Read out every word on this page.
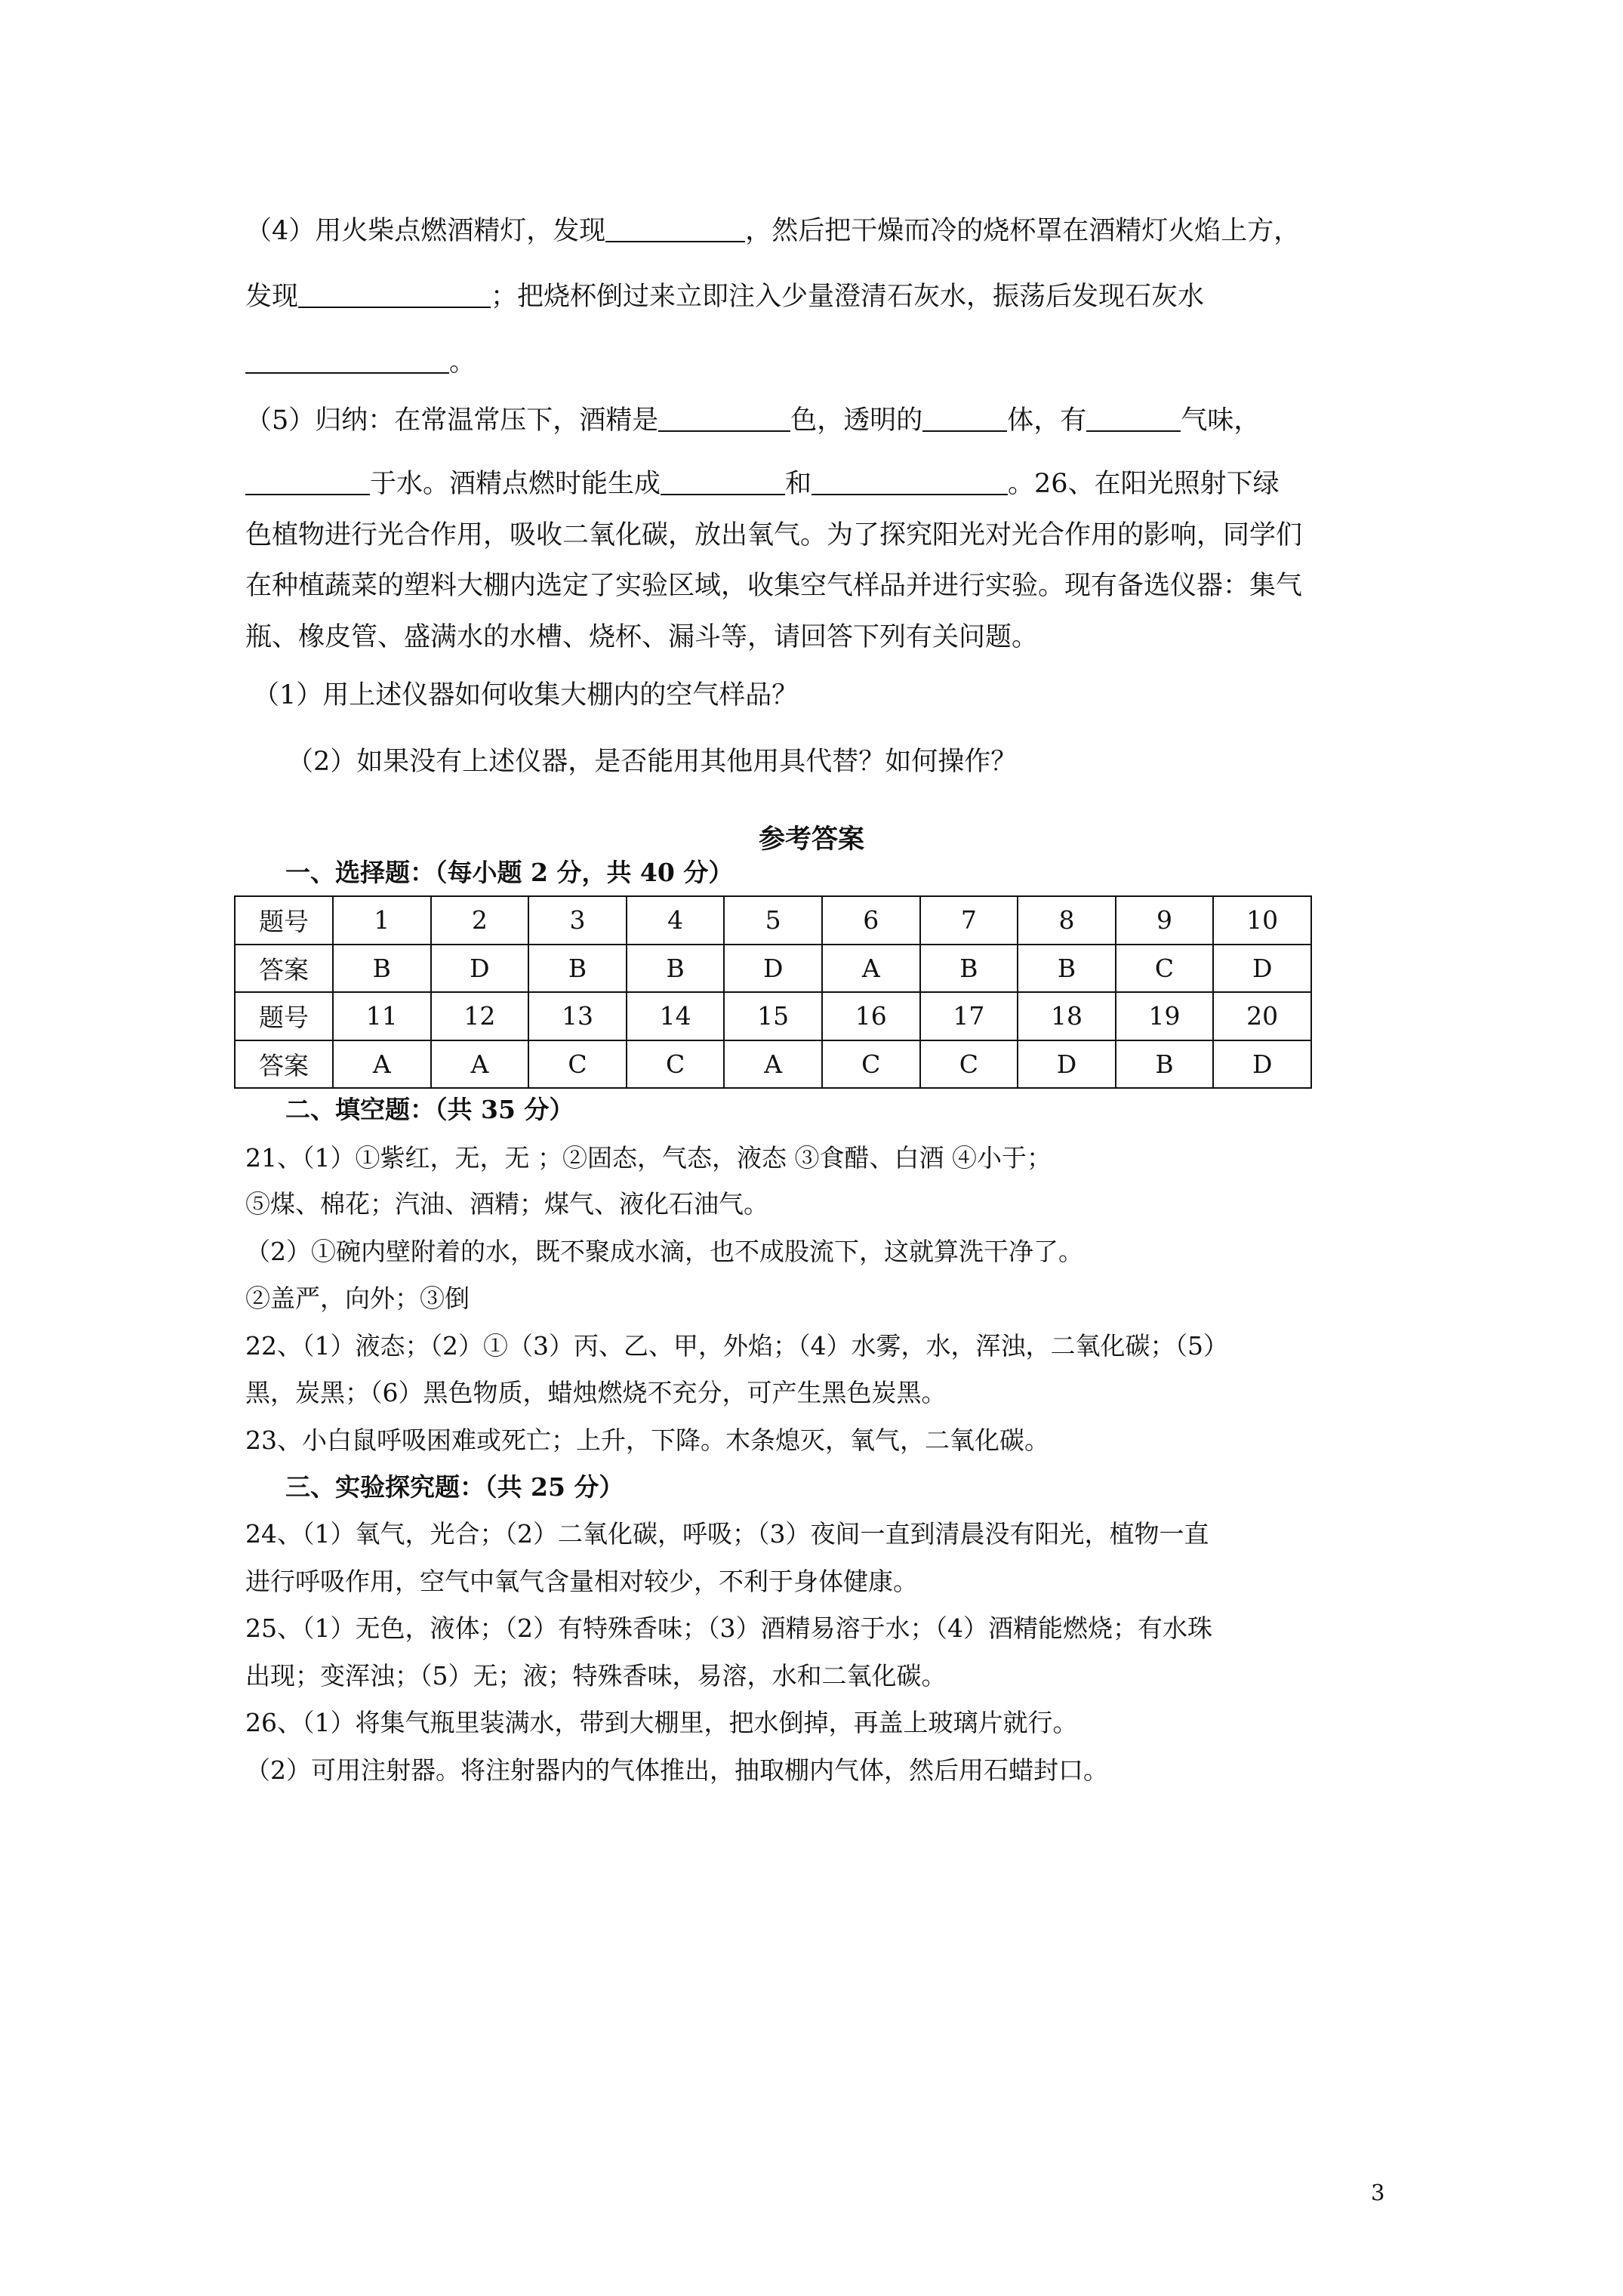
（4）用火柴点燃酒精灯，发现	，然后把干燥而冷的烧杯罩在酒精灯火焰上方，
发现	；把烧杯倒过来立即注入少量澄清石灰水，振荡后发现石灰水
。
（5）归纳：在常温常压下，酒精是	色，透明的	体，有	气味，
于水。酒精点燃时能生成	和	。26、在阳光照射下绿
色植物进行光合作用，吸收二氧化碳，放出氧气。为了探究阳光对光合作用的影响，同学们
在种植蔬菜的塑料大棚内选定了实验区域，收集空气样品并进行实验。现有备选仪器：集气
瓶、橡皮管、盛满水的水槽、烧杯、漏斗等，请回答下列有关问题。
（1）用上述仪器如何收集大棚内的空气样品？
（2）如果没有上述仪器，是否能用其他用具代替？如何操作？
参考答案
一、选择题：（每小题 2 分，共 40 分）
题号	1	2	3	4	5	6	7	8	9	10
答案	B	D	B	B	D	A	B	B	C	D
题号	11	12	13	14	15	16	17	18	19	20
答案	A	A	C	C	A	C	C	D	B	D
二、填空题：（共 35 分）
21、（1）①紫红，无，无 ；②固态，气态，液态 ③食醋、白酒 ④小于；
⑤煤、棉花；汽油、酒精；煤气、液化石油气。
（2）①碗内壁附着的水，既不聚成水滴，也不成股流下，这就算洗干净了。
②盖严，向外；③倒
22、（1）液态；（2）①（3）丙、乙、甲，外焰；（4）水雾，水，浑浊，二氧化碳；（5）
黑，炭黑；（6）黑色物质，蜡烛燃烧不充分，可产生黑色炭黑。
23、小白鼠呼吸困难或死亡；上升，下降。木条熄灭，氧气，二氧化碳。
三、实验探究题：（共 25 分）
24、（1）氧气，光合；（2）二氧化碳，呼吸；（3）夜间一直到清晨没有阳光，植物一直
进行呼吸作用，空气中氧气含量相对较少，不利于身体健康。
25、（1）无色，液体；（2）有特殊香味；（3）酒精易溶于水；（4）酒精能燃烧；有水珠
出现；变浑浊；（5）无；液；特殊香味，易溶，水和二氧化碳。
26、（1）将集气瓶里装满水，带到大棚里，把水倒掉，再盖上玻璃片就行。
（2）可用注射器。将注射器内的气体推出，抽取棚内气体，然后用石蜡封口。
3
